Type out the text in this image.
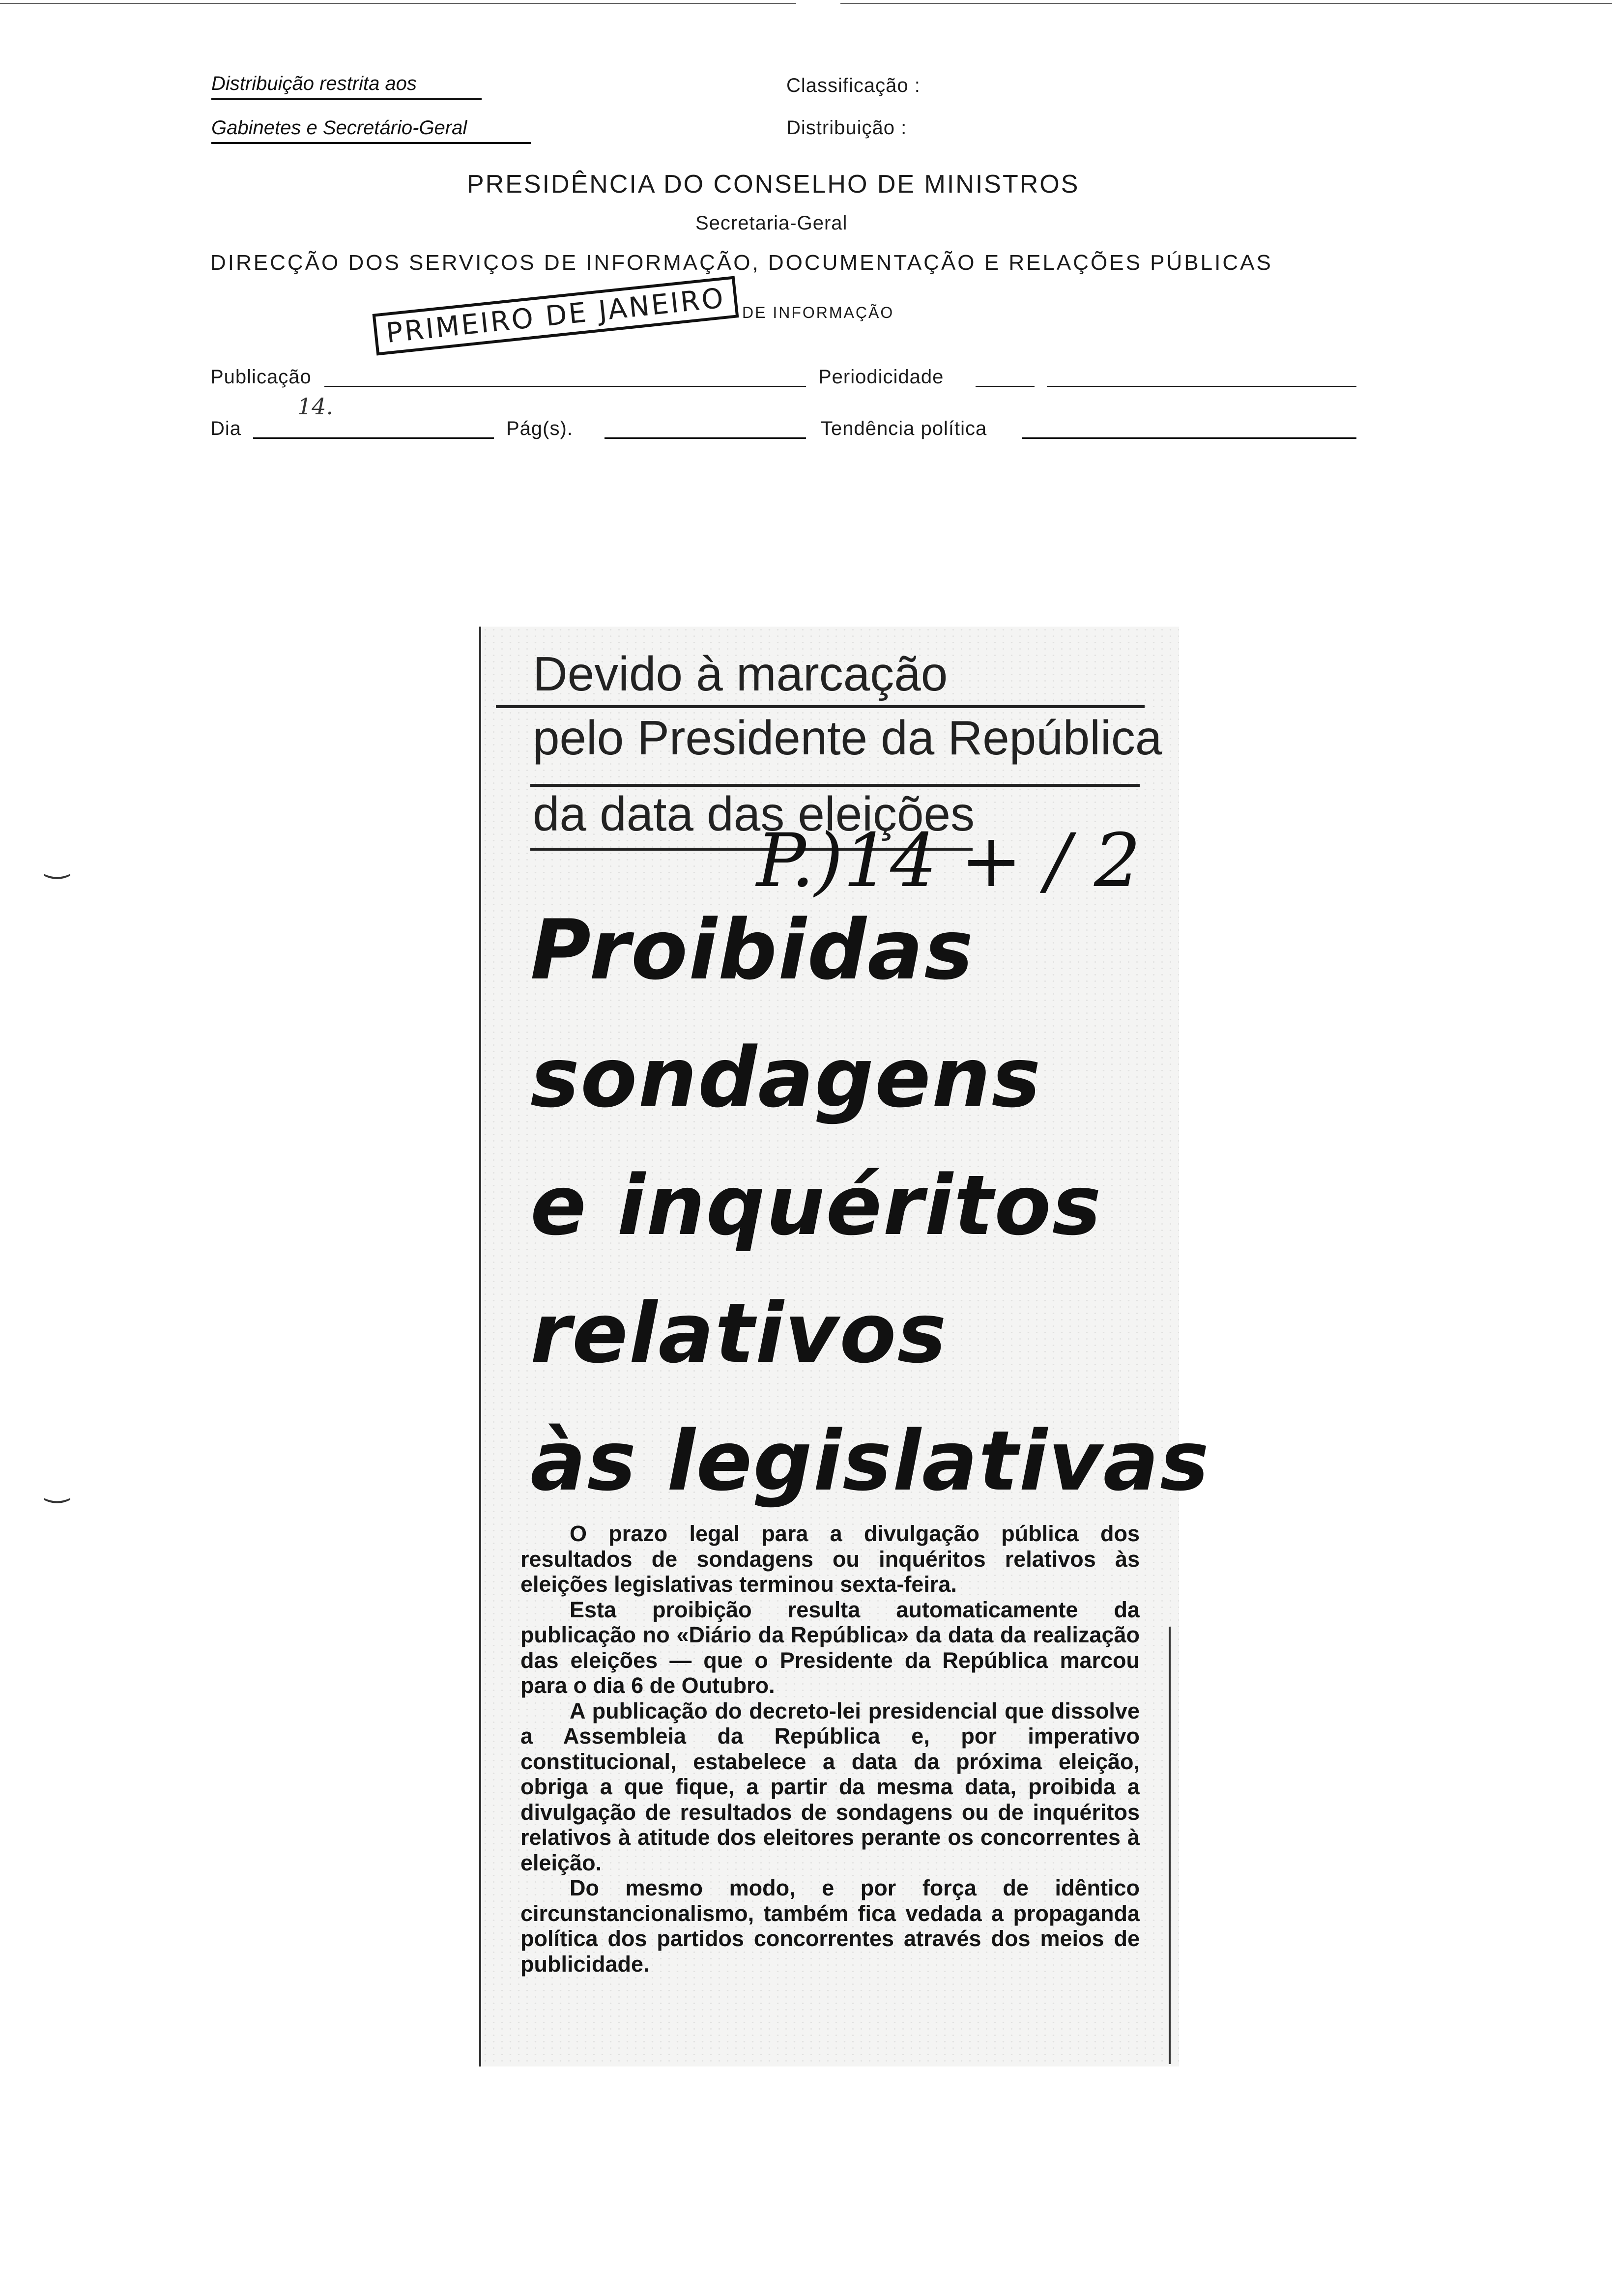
‿
‿
Distribuição restrita aos
Gabinetes e Secretário-Geral
Classificação :
Distribuição :
PRESIDÊNCIA DO CONSELHO DE MINISTROS
Secretaria-Geral
DIRECÇÃO DOS SERVIÇOS DE INFORMAÇÃO, DOCUMENTAÇÃO E RELAÇÕES PÚBLICAS
PRIMEIRO DE JANEIRO DE INFORMAÇÃO
Publicação	Periodicidade
Dia
14.
Pág(s).	Tendência política
Devido à marcação
pelo Presidente da República
da data das eleições
P.)14 + / 2
Proibidas
sondagens
e inquéritos
relativos
às legislativas

O prazo legal para a divulgação pública dos resultados de sondagens ou inquéritos relativos às eleições legislativas terminou sexta-feira.

Esta proibição resulta automaticamente da publicação no «Diário da República» da data da realização das eleições — que o Presidente da República marcou para o dia 6 de Outubro.

A publicação do decreto-lei presidencial que dissolve a Assembleia da República e, por imperativo constitucional, estabelece a data da próxima eleição, obriga a que fique, a partir da mesma data, proibida a divulgação de resultados de sondagens ou de inquéritos relativos à atitude dos eleitores perante os concorrentes à eleição.

Do mesmo modo, e por força de idêntico circunstancionalismo, também fica vedada a propaganda política dos partidos concorrentes através dos meios de publicidade.
